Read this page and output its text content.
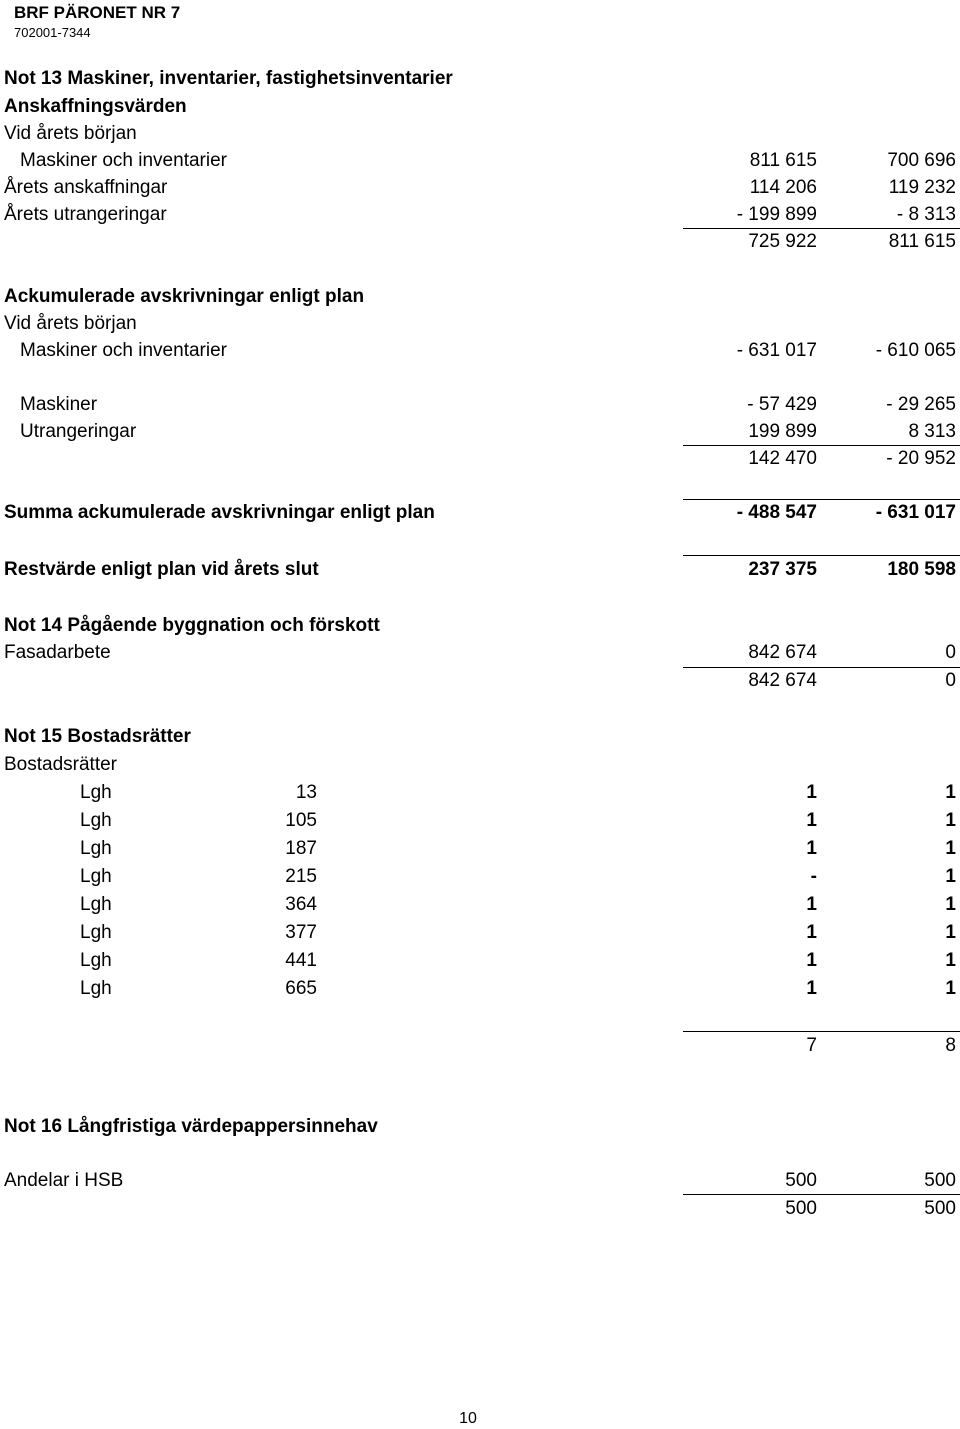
BRF PÄRONET NR 7
702001-7344
Not 13 Maskiner, inventarier, fastighetsinventarier
Anskaffningsvärden
Vid årets början
Maskiner och inventarier	811 615	700 696
Årets anskaffningar	114 206	119 232
Årets utrangeringar	- 199 899	- 8 313
725 922	811 615
Ackumulerade avskrivningar enligt plan
Vid årets början
Maskiner och inventarier	- 631 017	- 610 065
Maskiner	- 57 429	- 29 265
Utrangeringar	199 899	8 313
142 470	- 20 952
Summa ackumulerade avskrivningar enligt plan	- 488 547	- 631 017
Restvärde enligt plan vid årets slut	237 375	180 598
Not 14 Pågående byggnation och förskott
Fasadarbete	842 674	0
842 674	0
Not 15 Bostadsrätter
Bostadsrätter
Lgh	13	1	1
Lgh	105	1	1
Lgh	187	1	1
Lgh	215	-	1
Lgh	364	1	1
Lgh	377	1	1
Lgh	441	1	1
Lgh	665	1	1
7	8
Not 16 Långfristiga värdepappersinnehav
Andelar i HSB	500	500
500	500
10
